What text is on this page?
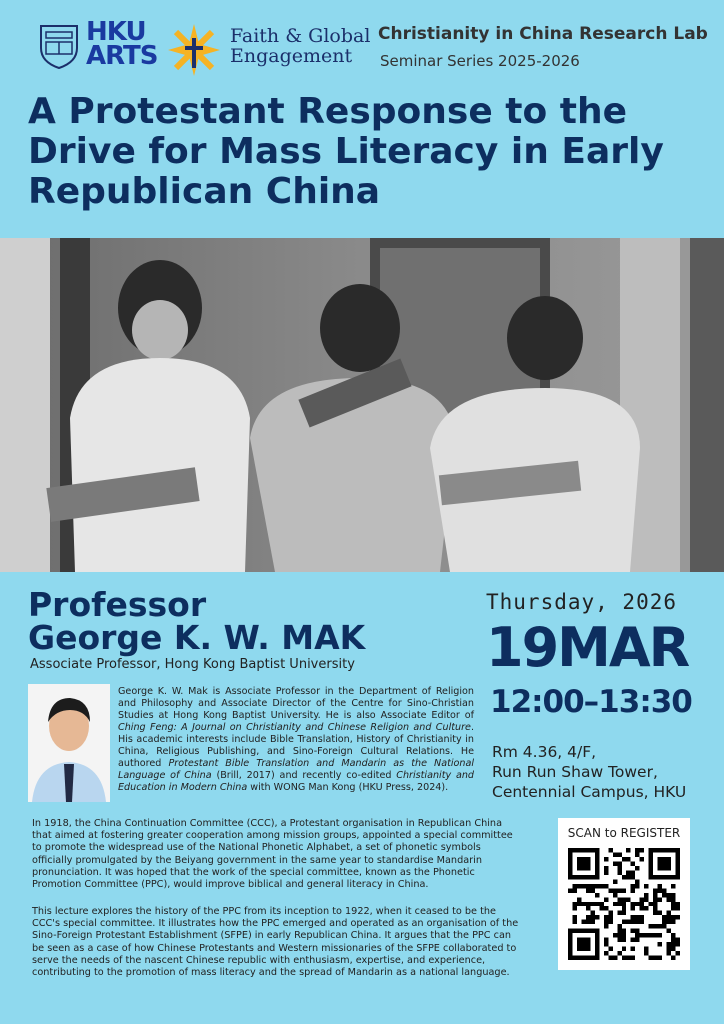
HKU
ARTS
Faith & Global
Engagement
Christianity in China Research Lab
Seminar Series 2025-2026
A Protestant Response to the Drive for Mass Literacy in Early Republican China
Professor
George K. W. MAK
Associate Professor, Hong Kong Baptist University
Thursday, 2026
19MAR
12:00–13:30
Rm 4.36, 4/F,
Run Run Shaw Tower,
Centennial Campus, HKU
George K. W. Mak is Associate Professor in the Department of Religion and Philosophy and Associate Director of the Centre for Sino-Christian Studies at Hong Kong Baptist University. He is also Associate Editor of Ching Feng: A Journal on Christianity and Chinese Religion and Culture. His academic interests include Bible Translation, History of Christianity in China, Religious Publishing, and Sino-Foreign Cultural Relations. He authored Protestant Bible Translation and Mandarin as the National Language of China (Brill, 2017) and recently co-edited Christianity and Education in Modern China with WONG Man Kong (HKU Press, 2024).
In 1918, the China Continuation Committee (CCC), a Protestant organisation in Republican China that aimed at fostering greater cooperation among mission groups, appointed a special committee to promote the widespread use of the National Phonetic Alphabet, a set of phonetic symbols officially promulgated by the Beiyang government in the same year to standardise Mandarin pronunciation. It was hoped that the work of the special committee, known as the Phonetic Promotion Committee (PPC), would improve biblical and general literacy in China.
This lecture explores the history of the PPC from its inception to 1922, when it ceased to be the CCC's special committee. It illustrates how the PPC emerged and operated as an organisation of the Sino-Foreign Protestant Establishment (SFPE) in early Republican China. It argues that the PPC can be seen as a case of how Chinese Protestants and Western missionaries of the SFPE collaborated to serve the needs of the nascent Chinese republic with enthusiasm, expertise, and experience, contributing to the promotion of mass literacy and the spread of Mandarin as a national language.
SCAN to REGISTER
